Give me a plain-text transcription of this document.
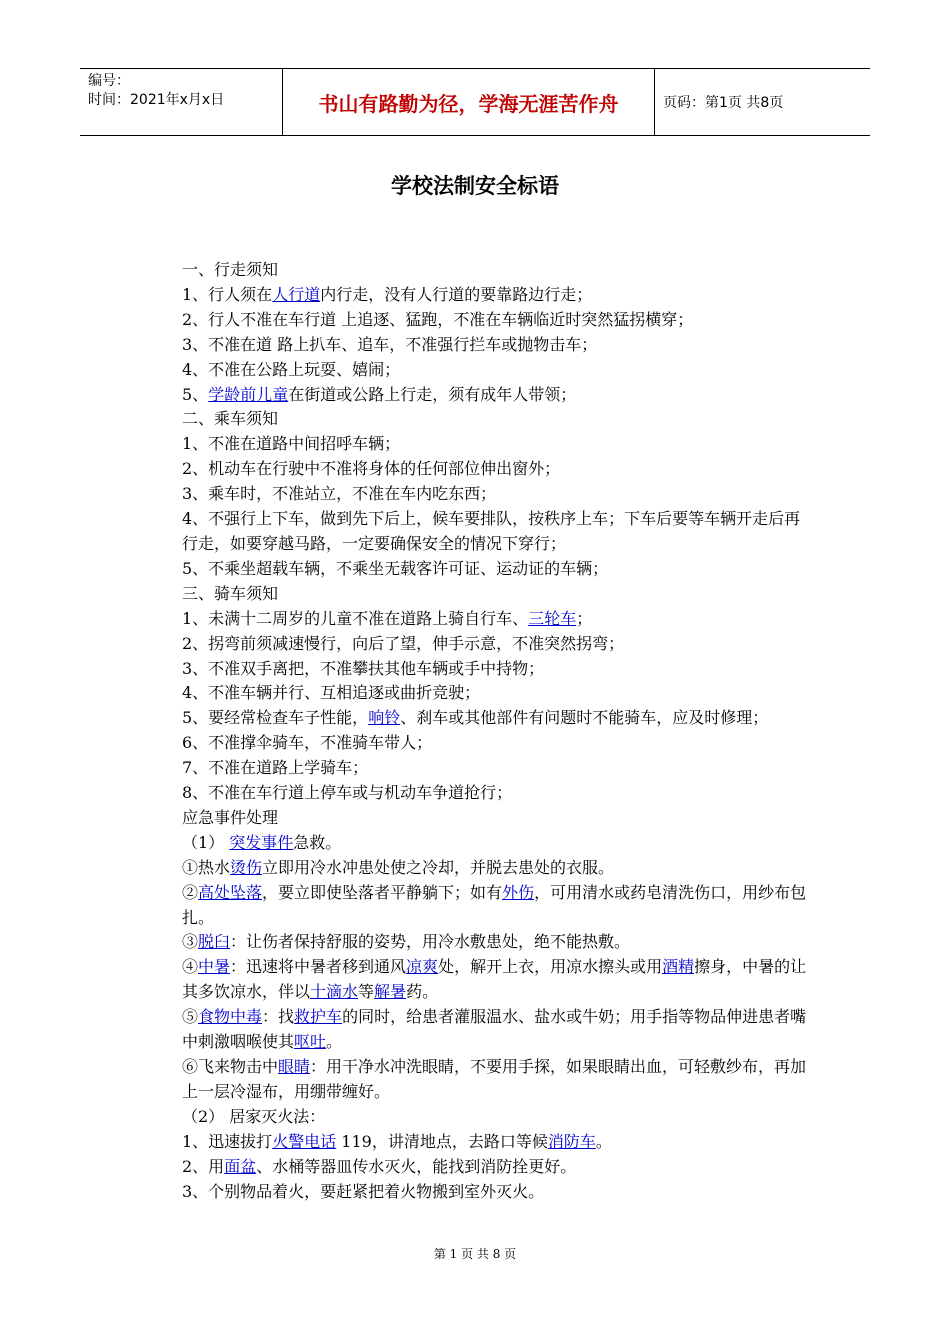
编号：
时间：2021年x月x日	书山有路勤为径，学海无涯苦作舟	页码：第1页 共8页
学校法制安全标语

一、行走须知

1、行人须在人行道内行走，没有人行道的要靠路边行走；

2、行人不准在车行道 上追逐、猛跑，不准在车辆临近时突然猛拐横穿；

3、不准在道 路上扒车、追车，不准强行拦车或抛物击车；

4、不准在公路上玩耍、嬉闹；

5、学龄前儿童在街道或公路上行走，须有成年人带领；

二、乘车须知

1、不准在道路中间招呼车辆；

2、机动车在行驶中不准将身体的任何部位伸出窗外；

3、乘车时，不准站立，不准在车内吃东西；

4、不强行上下车，做到先下后上，候车要排队，按秩序上车；下车后要等车辆开走后再行走，如要穿越马路，一定要确保安全的情况下穿行；

5、不乘坐超载车辆，不乘坐无载客许可证、运动证的车辆；

三、骑车须知

1、未满十二周岁的儿童不准在道路上骑自行车、三轮车；

2、拐弯前须减速慢行，向后了望，伸手示意，不准突然拐弯；

3、不准双手离把，不准攀扶其他车辆或手中持物；

4、不准车辆并行、互相追逐或曲折竞驶；

5、要经常检查车子性能，响铃、刹车或其他部件有问题时不能骑车，应及时修理；

6、不准撑伞骑车，不准骑车带人；

7、不准在道路上学骑车；

8、不准在车行道上停车或与机动车争道抢行；

应急事件处理

（1） 突发事件急救。

①热水烫伤立即用冷水冲患处使之冷却，并脱去患处的衣服。

②高处坠落，要立即使坠落者平静躺下；如有外伤，可用清水或药皂清洗伤口，用纱布包扎。

③脱臼：让伤者保持舒服的姿势，用冷水敷患处，绝不能热敷。

④中暑：迅速将中暑者移到通风凉爽处，解开上衣，用凉水擦头或用酒精擦身，中暑的让其多饮凉水，伴以十滴水等解暑药。

⑤食物中毒：找救护车的同时，给患者灌服温水、盐水或牛奶；用手指等物品伸进患者嘴中刺激咽喉使其呕吐。

⑥飞来物击中眼睛：用干净水冲洗眼睛，不要用手探，如果眼睛出血，可轻敷纱布，再加上一层冷湿布，用绷带缠好。

（2） 居家灭火法：

1、迅速拔打火警电话 119，讲清地点，去路口等候消防车。

2、用面盆、水桶等器皿传水灭火，能找到消防拴更好。

3、个别物品着火，要赶紧把着火物搬到室外灭火。

第 1 页 共 8 页
